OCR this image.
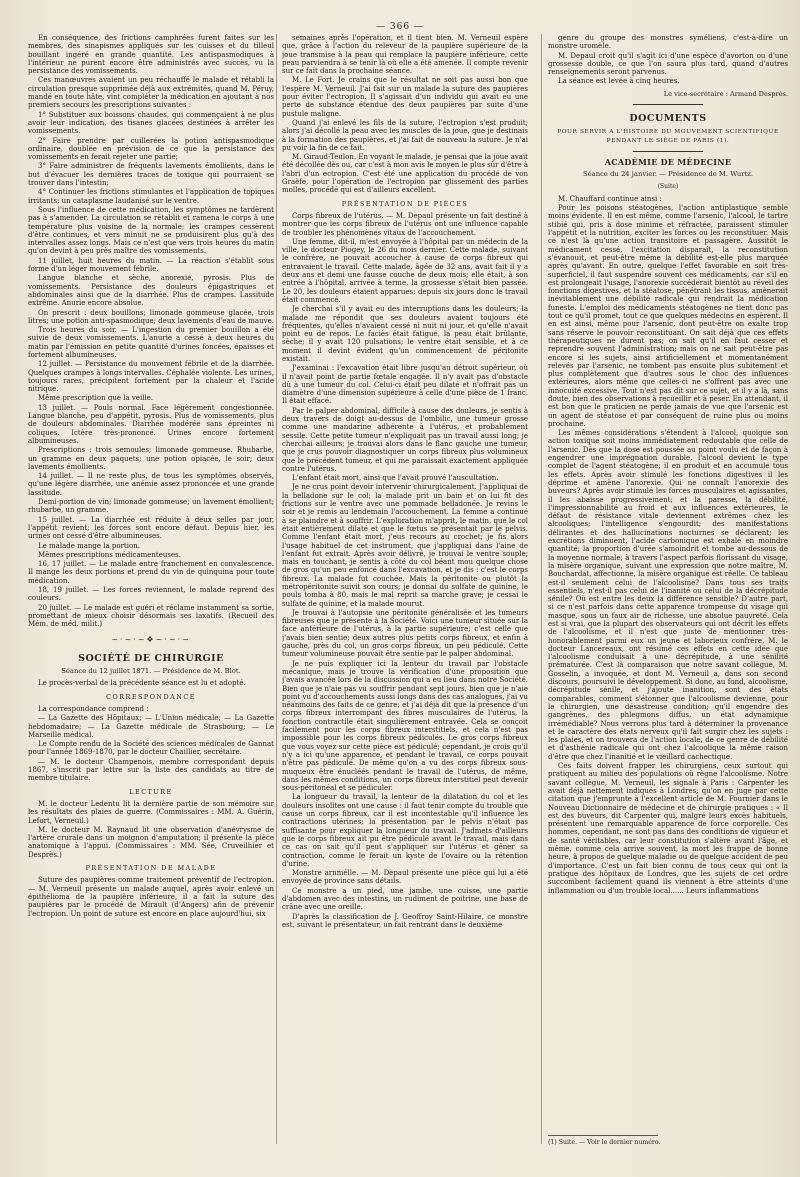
— 366 —

En conséquence, des frictions camphrées furent faites sur les membres, des sinapismes appliqués sur les cuisses et du tilleul bouillant ingéré en grande quantité. Les antispasmodiques à l'intérieur ne purent encore être administrés avec succès, vu la persistance des vomissements.

Ces manœuvres avaient un peu réchauffé le malade et rétabli la circulation presque supprimée déjà aux extrémités, quand M. Péruy, mandé en toute hâte, vint compléter la médication en ajoutant à nos premiers secours les prescriptions suivantes :

1° Substituer aux boissons chaudes, qui commençaient à ne plus avoir leur indication, des tisanes glacées destinées à arrêter les vomissements.

2° Faire prendre par cuillerées la potion antispasmodique ordinaire, doublée en prévision de ce que la persistance des vomissements en ferait rejeter une partie;

3° Faire administrer de fréquents lavements émollients, dans le but d'évacuer les dernières traces de toxique qui pourraient se trouver dans l'intestin;

4° Continuer les frictions stimulantes et l'application de topiques irritants; un cataplasme laudanisé sur le ventre.

Sous l'influence de cette médication, les symptômes ne tardèrent pas à s'amender. La circulation se rétablit et ramena le corps à une température plus voisine de la normale; les crampes cessèrent d'être continues, et vers minuit ne se produisirent plus qu'à des intervalles assez longs. Mais ce n'est que vers trois heures du matin qu'on devint à peu près maître des vomissements.

11 juillet, huit heures du matin. — La réaction s'établit sous forme d'un léger mouvement fébrile.

Langue blanche et sèche, anorexie, pyrosis. Plus de vomissements. Persistance des douleurs épigastriques et abdominales ainsi que de la diarrhée. Plus de crampes. Lassitude extrême. Anurie encore absolue.

On prescrit : deux bouillons; limonade gommeuse glacée, trois litres; une potion anti-spasmodique; deux lavements d'eau de mauve.

Trois heures du soir. — L'ingestion du premier bouillon a été suivie de deux vomissements. L'anurie a cessé à deux heures du matin par l'émission en petite quantité d'urines foncées, épaisses et fortement albumineuses.

12 juillet. — Persistance du mouvement fébrile et de la diarrhée. Quelques crampes à longs intervalles. Céphalée violente. Les urines, toujours rares, précipitent fortement par la chaleur et l'acide nitrique.

Même prescription que la veille.

13 juillet. — Pouls normal. Face légèrement congestionnée. Langue blanche, peu d'appétit, pyrosis. Plus de vomissements, plus de douleurs abdominales. Diarrhée modérée sans épreintes ni coliques. Ictère très-prononcé. Urines encore fortement albumineuses.

Prescriptions : trois semoules; limonade gommeuse. Rhubarbe, un gramme en deux paquets; une potion opiacée, le soir; deux lavements émollients.

14 juillet. — Il ne reste plus, de tous les symptômes observés, qu'une légère diarrhée, une anémie assez prononcée et une grande lassitude.

Demi-portion de vin; limonade gommeuse; un lavement émollient; rhubarbe, un gramme.

15 juillet. — La diarrhée est réduite à deux selles par jour, l'appétit revient; les forces sont encore défaut. Depuis hier, les urines ont cessé d'être albumineuses.

Le malade mange la portion.

Mêmes prescriptions médicamenteuses.

16, 17 juillet. — Le malade entre franchement en convalescence. Il mange les deux portions et prend du vin de quinquina pour toute médication.

18, 19 juillet. — Les forces reviennent, le malade reprend des couleurs.

20 juillet. — Le malade est guéri et réclame instamment sa sortie, promettant de mieux choisir désormais ses laxatifs. (Recueil des Mém. de méd. milit.)

~·~·~❖~·~·~
SOCIÉTÉ DE CHIRURGIE
Séance du 12 juillet 1871. — Présidence de M. Blot.

Le procès-verbal de la précédente séance est lu et adopté.

CORRESPONDANCE

La correspondance comprend :

— La Gazette des Hôpitaux; — L'Union médicale; — La Gazette hebdomadaire; — La Gazette médicale de Strasbourg; — Le Marseille médical.

Le Compte rendu de la Société des sciences médicales de Gannat pour l'année 1869-1870, par le docteur Chaillier, secrétaire.

— M. le docteur Champenois, membre correspondant depuis 1867, s'inscrit par lettre sur la liste des candidats au titre de membre titulaire.

LECTURE

M. le docteur Ledentu lit la dernière partie de son mémoire sur les résultats des plaies de guerre. (Commissaires : MM. A. Guérin, Lefort, Verneuil.)

M. le docteur M. Raynaud lit une observation d'anévrysme de l'artère crurale dans un moignon d'amputation; il présente la pièce anatomique à l'appui. (Commissaires : MM. Sée, Cruveilhier et Desprès.)

PRÉSENTATION DE MALADE

Suture des paupières comme traitement préventif de l'ectropion. — M. Verneuil présente un malade auquel, après avoir enlevé un épithélioma de la paupière inférieure, il a fait la suture des paupières par le procédé de Mirault (d'Angers) afin de prévenir l'ectropion. Un point de suture est encore en place aujourd'hui, six

semaines après l'opération, et il tient bien. M. Verneuil espère que, grâce à l'action du releveur de la paupière supérieure de la joue transmise à la peau qui remplace la paupière inférieure, cette peau parviendra à se tenir là où elle a été amenée. Il compte revenir sur ce fait dans la prochaine séance.

M. Le Fort. Je crains que le résultat ne soit pas aussi bon que l'espère M. Verneuil. J'ai fait sur un malade la suture des paupières pour éviter l'ectropion. Il s'agissait d'un individu qui avait eu une perte de substance étendue des deux paupières par suite d'une pustule maligne.

Quand j'ai enlevé les fils de la suture, l'ectropion s'est produit; alors j'ai décollé la peau avec les muscles de la joue, que je destinais à la formation des paupières, et j'ai fait de nouveau la suture. Je n'ai pu voir la fin de ce fait.

M. Giraud-Teulon. En voyant le malade, je pensai que la joue avait été décollée dès ou, car c'est à mon avis le moyen le plus sûr d'être à l'abri d'un ectropion. C'est été une application du procédé de von Graëfe, pour l'opération de l'ectropion par glissement des parties molles, procédé qui est d'ailleurs excellent.

PRÉSENTATION DE PIÈCES

Corps fibreux de l'utérus. — M. Depaul présente un fait destiné à montrer que les corps fibreux de l'utérus ont une influence capable de troubler les phénomènes vitaux de l'accouchement.

Une femme, dit-il, m'est envoyée à l'hôpital par un médecin de la ville, le docteur Piogey, le 26 du mois dernier. Cette malade, suivant le confrère, ne pouvait accoucher à cause de corps fibreux qui entravaient le travail. Cette malade, âgée de 32 ans, avait fait il y a deux ans et demi une fausse couche de deux mois; elle était, à son entrée à l'hôpital, arrivée à terme, la grossesse s'était bien passée. Le 20, les douleurs étaient apparues; depuis six jours donc le travail était commencé.

Je cherchai s'il y avait eu des interruptions dans les douleurs; la malade me répondit que ses douleurs avaient toujours été fréquentes, qu'elles n'avaient cessé ni nuit ni jour, et qu'elle n'avait point eu de repos. Le faciès était fatigué, la peau était brûlante, sèche; il y avait 120 pulsations; le ventre était sensible, et à ce moment il devint évident qu'un commencement de péritonite existait.

J'examinai : l'excavation était libre jusqu'au détroit supérieur, où il n'avait point de partie fœtale engagée. Il n'y avait pas d'obstacle dû à une tumeur du col. Celui-ci était peu dilaté et n'offrait pas un diamètre d'une dimension supérieure à celle d'une pièce de 1 franc. Il était effacé.

Par le palper abdominal, difficile à cause des douleurs, je sentis à deux travers de doigt au-dessus de l'ombilic, une tumeur grosse comme une mandarine adhérente à l'utérus, et probablement sessile. Cette petite tumeur n'expliquait pas un travail aussi long; je cherchai ailleurs; je trouvai alors dans le flanc gauche une tumeur, que je crus pouvoir diagnostiquer un corps fibreux plus volumineux que le précédent tumeur, et qui me paraissait exactement appliquée contre l'utérus.

L'enfant était mort, ainsi que l'avait prouvé l'auscultation.

Je ne crus point devoir intervenir chirurgicalement. J'appliquai de la belladone sur le col; la malade prit un bain et on lui fit des frictions sur le ventre avec une pommade belladonée. Je revins le soir et je remis au lendemain l'accouchement. La femme a continué à se plaindre et à souffrir. L'exploration m'apprit, le matin, que le col était entièrement dilaté et que le fœtus se présentait par le pelvis. Comme l'enfant était mort, j'eus recours au crochet; je fis alors l'usage habituel de cet instrument, que j'appliquai dans l'aine de l'enfant fut extrait. Après avoir délivré, je trouvai le ventre souple; mais en touchant, je sentis à côté du col béant mou quelque chose de gros qu'un peu enfoncé dans l'excavation, et je dis : c'est le corps fibreux. La malade fut couchée. Mais la péritonite ou plutôt la métropéritonite suivit son cours; je donnai du sulfate de quinine, le pouls tomba à 80, mais le mal reprit sa marche grave; je cessai le sulfate de quinine, et la malade mourut.

Je trouvai à l'autopsie une péritonite généralisée et les tumeurs fibreuses que je présente à la Société. Voici une tumeur située sur la face antérieure de l'utérus, à la partie supérieure; c'est celle que j'avais bien sentie; deux autres plus petits corps fibreux, et enfin à gauche, près du col, un gros corps fibreux, un peu pédiculé. Cette tumeur volumineuse pouvait être sentie par le palper abdominal.

Je ne puis expliquer ici la lenteur du travail par l'obstacle mécanique, mais je trouve la vérification d'une proposition que j'avais avancée lors de la discussion qui a eu lieu dans notre Société. Bien que je n'aie pas vu souffrir pendant sept jours, bien que je n'aie point vu d'accouchements aussi longs dans des cas analogues, j'ai vu néanmoins des faits de ce genre; et j'ai déjà dit que la présence d'un corps fibreux interrompant des fibres musculaires de l'utérus, la fonction contractile était singulièrement entravée. Cela se conçoit facilement pour les corps fibreux interstitiels, et cela n'est pas impossible pour les corps fibreux pédiculés. Le gros corps fibreux que vous voyez sur cette pièce est pédiculé; cependant, je crois qu'il n'y a ici qu'une apparence, et pendant le travail, ce corps pouvait n'être pas pédiculé. De même qu'on a vu des corps fibreux sous-muqueux être énucléés pendant le travail de l'utérus, de même, dans les mêmes conditions, un corps fibreux interstitiel peut devenir sous-péritonéal et se pédiculer.

La longueur du travail, la lenteur de la dilatation du col et les douleurs insolites ont une cause : il faut tenir compte du trouble que cause un corps fibreux, car il est incontestable qu'il influence les contractions utérines; la présentation par le pelvis n'était pas suffisante pour expliquer la longueur du travail. J'admets d'ailleurs que le corps fibreux ait pu être pédiculé avant le travail, mais dans ce cas on sait qu'il peut s'appliquer sur l'utérus et gêner sa contraction, comme le ferait un kyste de l'ovaire ou la rétention d'urine.

Monstre arnmélle. — M. Depaul présente une pièce qui lui a été envoyée de province sans détails.

Ce monstre a un pied, une jambe, une cuisse, une partie d'abdomen avec des intestins, un rudiment de poitrine, une base de crâne avec une oreille.

D'après la classification de J. Geoffroy Saint-Hilaire, ce monstre est, suivant le présentateur, un fait rentrant dans le deuxième

genre du groupe des monstres syméliens, c'est-à-dire un monstre uromèle.

M. Depaul croit qu'il s'agit ici d'une espèce d'avorton ou d'une grossesse double, ce que l'on saura plus tard, quand d'autres renseignements seront parvenus.

La séance est levée à cinq heures.

Le vice-secrétaire : Armand Desprès.
DOCUMENTS
POUR SERVIR A L'HISTOIRE DU MOUVEMENT SCIENTIFIQUE PENDANT LE SIÈGE DE PARIS (1).
ACADÉMIE DE MÉDECINE
Séance du 24 janvier. — Présidence de M. Wurtz.
(Suite)

M. Chauffard continue ainsi :

Pour les poisons stéatogènes, l'action antiplastique semble moins évidente. Il en est même, comme l'arsenic, l'alcool, le tartre stibié qui, pris à dose minime et réfractée, paraissent stimuler l'appétit et la nutrition, exciter les forces ou les reconstituer. Mais ce n'est là qu'une action transitoire et passagère. Aussitôt le médicament cessé, l'excitation disparaît, la reconstitution s'évanouit, et peut-être même la débilité est-elle plus marquée après qu'avant. En outre, quelque l'effet favorable en soit très-superficiel, il faut suspendre souvent ces médicaments, car s'il en est prolongeait l'usage, l'anorexie succéderait bientôt au réveil des fonctions digestives, et la stéatose, pénétrant les tissus, amènerait inévitablement une débilité radicale qui rendrait la médication funeste. L'emploi des médicaments stéatogènes ne tient donc pas tout ce qu'il promet, tout ce que quelques médecins en espèrent. Il en est ainsi, même pour l'arsenic, dont peut-être on exalte trop sans réserve le pouvoir reconstituant. On sait déjà que ces effets thérapeutiques ne durent pas; on sait qu'il en faut cesser et reprendre souvent l'administration; mais on ne sait peut-être pas encore si les sujets, ainsi artificiellement et momentanément relevés par l'arsenic, ne tombent pas ensuite plus subitement et plus complètement que d'autres sous le choc des influences extérieures, alors même que celles-ci ne s'offrent pas avec une innocuité excessive. Tout n'est pas dit sur ce sujet, et il y a là, sans doute, bien des observations à recueillir et à peser. En attendant, il est bon que le praticien ne perde jamais de vue que l'arsenic est un agent de stéatose et par conséquent de ruine plus ou moins prochaine.

Les mêmes considérations s'étendent à l'alcool, quoique son action toxique soit moins immédiatement redoutable que celle de l'arsenic. Dès que la dose est poussée au point voulu et de façon à engendrer une imprégnation durable, l'alcool devient le type complet de l'agent stéatogène; il en produit et en accumule tous les effets. Après avoir stimulé les fonctions digestives il les déprime et amène l'anorexie. Qui ne connaît l'anorexie des buveurs? Après avoir stimulé les forces musculaires et agissantes, il les abaisse progressivement; et la paresse, la débilité, l'impressionnabilité au froid et aux influences extérieures, le défaut de résistance vitale deviennent extrêmes chez les alcooliques; l'intelligence s'engourdit; des manifestations délirantes et des hallucinations nocturnes se déclarent; les excrétions diminuent, l'acide carbonique est exhalé en moindre quantité; la proportion d'urée s'amoindrit et tombe au-dessous de la moyenne normale; à travers l'aspect parfois florissant du visage, la misère organique, suivant une expression que notre maître, M. Bouchardat, affectionne, la misère organique est réelle. Ce tableau est-il seulement celui de l'alcoolisme? Dans tous ses traits essentiels, n'est-il pas celui de l'inanité ou celui de la décrépitude sénile? Où est entre les deux la différence sensible? D'autre part, si ce n'est parfois dans cette apparence trompeuse du visage qui masque, sous un faux air de richesse, une absolue pauvreté. Cela est si vrai, que la plupart des observateurs qui ont décrit les effets de l'alcoolisme, et il n'est que juste de mentionner très-honorablement parmi eux un jeune et laborieux confrère, M. le docteur Lancereaux, ont résumé ces effets en cette idée que l'alcoolisme conduisait à une décrépitude, à une sénilité prématurée. C'est là comparaison que notre savant collègue, M. Gosselin, a invoquée, et dont M. Verneuil a, dans son second discours, poursuivi le développement. Si donc, au fond, alcoolisme, décrépitude sénile, et j'ajoute inanition, sont des états comparables, comment s'étonner que l'alcoolisme devienne, pour le chirurgien, une désastreuse condition; qu'il engendre des gangrènes, des phlegmons diffus, un état adynamique irrémédiable? Nous verrons plus tard à déterminer la provenance et le caractère des états nerveux qu'il fait surgir chez les sujets : les plaies, et on trouvera de l'action locale, de ce genre de débilité et d'asthénie radicale qui ont chez l'alcoolique la même raison d'être que chez l'inanitié et le vieillard cachectique.

Ces faits doivent frapper les chirurgiens, ceux surtout qui pratiquent au milieu des populations où règne l'alcoolisme. Notre savant collègue, M. Verneuil, les signale à Paris : Carpenter les avait déjà nettement indiqués à Londres; qu'on en juge par cette citation que j'emprunte à l'excellent article de M. Fournier dans le Nouveau Dictionnaire de médecine et de chirurgie pratiques : « Il est des buveurs, dit Carpenter qui, malgré leurs excès habituels, présentent une remarquable apparence de force corporelle. Ces hommes, cependant, ne sont pas dans des conditions de vigueur et de santé véritables, car leur constitution s'altère avant l'âge, et même, comme cela arrive souvent, la mort les frappe de bonne heure, à propos de quelque maladie ou de quelque accident de peu d'importance. C'est un fait bien connu de tous ceux qui ont la pratique des hôpitaux de Londres, que les sujets de cet ordre succombent facilement quand ils viennent à être atteints d'une inflammation ou d'un trouble local...... Leurs inflammations

(1) Suite. — Voir le dernier numéro.
